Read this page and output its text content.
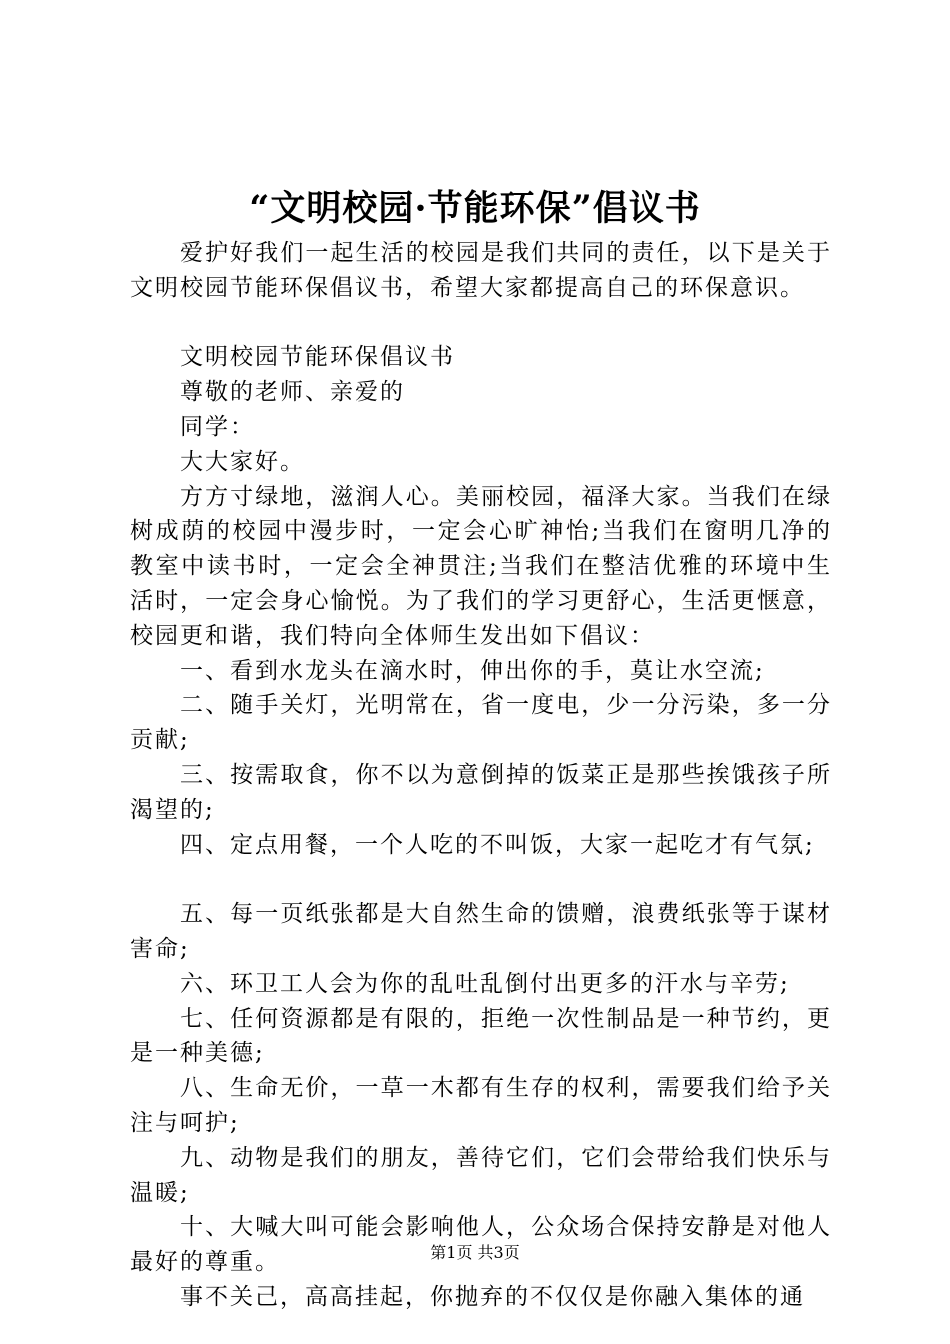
“文明校园·节能环保”倡议书

爱护好我们一起生活的校园是我们共同的责任，以下是关于文明校园节能环保倡议书，希望大家都提高自己的环保意识。

文明校园节能环保倡议书

尊敬的老师、亲爱的

同学：

大大家好。

方方寸绿地，滋润人心。美丽校园，福泽大家。当我们在绿树成荫的校园中漫步时，一定会心旷神怡;当我们在窗明几净的教室中读书时，一定会全神贯注;当我们在整洁优雅的环境中生活时，一定会身心愉悦。为了我们的学习更舒心，生活更惬意，校园更和谐，我们特向全体师生发出如下倡议：

一、看到水龙头在滴水时，伸出你的手，莫让水空流;

二、随手关灯，光明常在，省一度电，少一分污染，多一分贡献;

三、按需取食，你不以为意倒掉的饭菜正是那些挨饿孩子所渴望的;

四、定点用餐，一个人吃的不叫饭，大家一起吃才有气氛;

五、每一页纸张都是大自然生命的馈赠，浪费纸张等于谋材害命;

六、环卫工人会为你的乱吐乱倒付出更多的汗水与辛劳;

七、任何资源都是有限的，拒绝一次性制品是一种节约，更是一种美德;

八、生命无价，一草一木都有生存的权利，需要我们给予关注与呵护;

九、动物是我们的朋友，善待它们，它们会带给我们快乐与温暖;

十、大喊大叫可能会影响他人，公众场合保持安静是对他人最好的尊重。

事不关己，高高挂起，你抛弃的不仅仅是你融入集体的通

第1页 共3页
